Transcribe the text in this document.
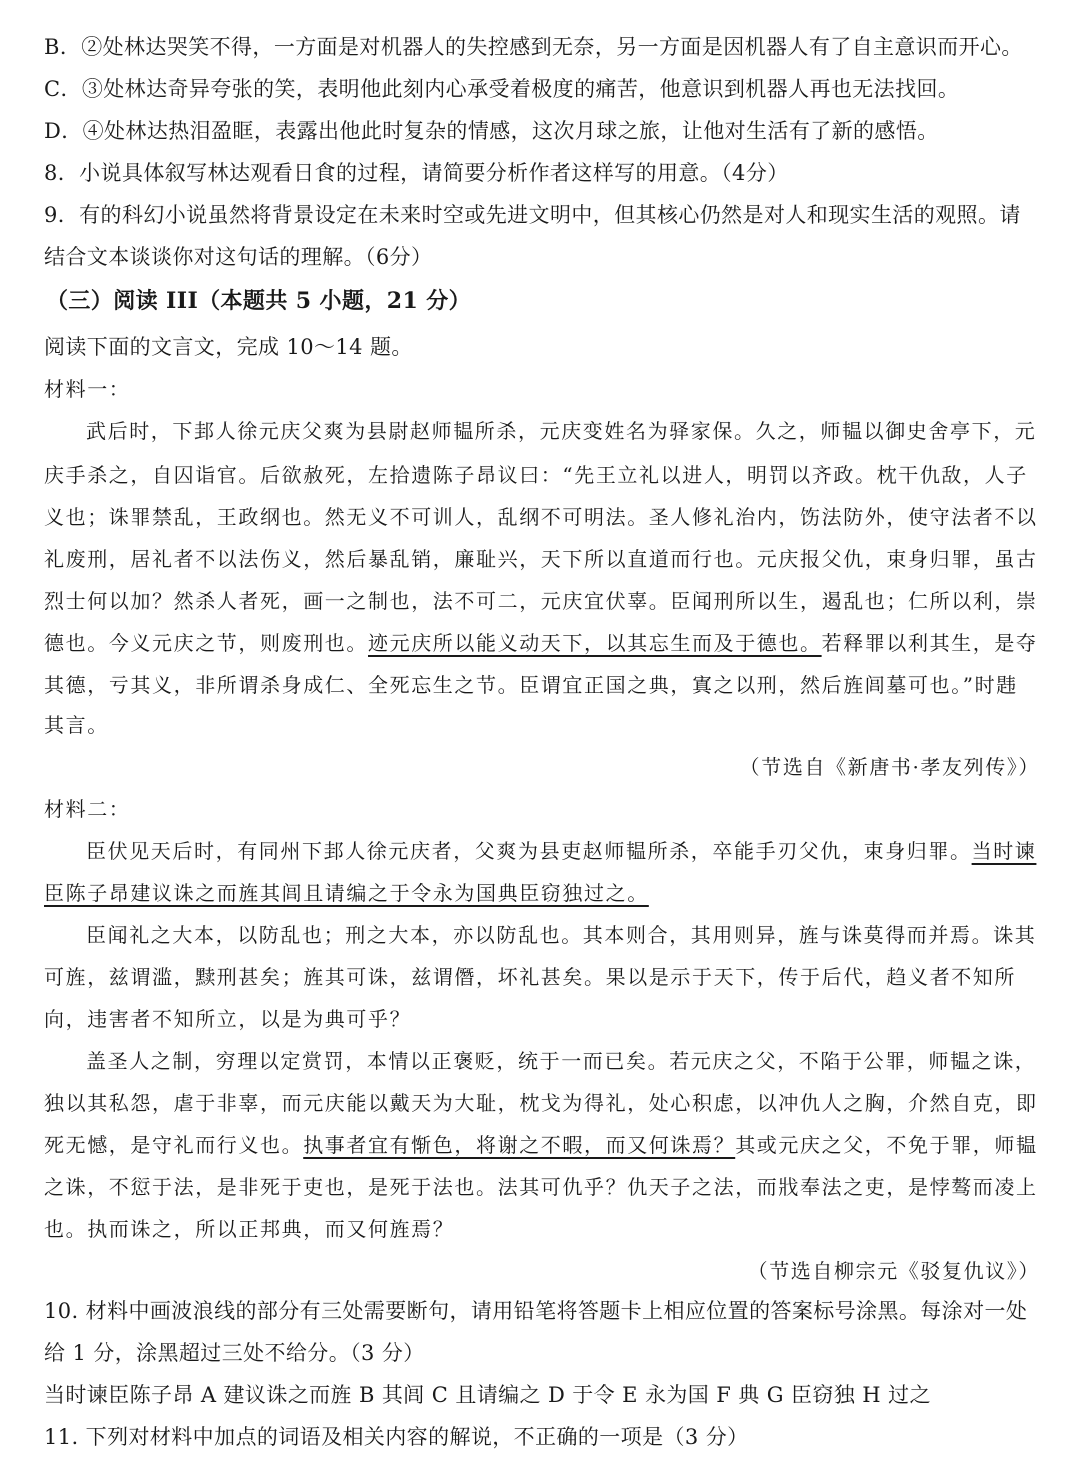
B．②处林达哭笑不得，一方面是对机器人的失控感到无奈，另一方面是因机器人有了自主意识而开心。
C．③处林达奇异夸张的笑，表明他此刻内心承受着极度的痛苦，他意识到机器人再也无法找回。
D．④处林达热泪盈眶，表露出他此时复杂的情感，这次月球之旅，让他对生活有了新的感悟。
8．小说具体叙写林达观看日食的过程，请简要分析作者这样写的用意。（4分）
9．有的科幻小说虽然将背景设定在未来时空或先进文明中，但其核心仍然是对人和现实生活的观照。请
结合文本谈谈你对这句话的理解。（6分）
（三）阅读 III（本题共 5 小题，21 分）
阅读下面的文言文，完成 10～14 题。
材料一：
武后时，下邽人徐元庆父爽为县尉赵师韫所杀，元庆变姓名为驿家保。久之，师韫以御史舍亭下，元
庆手杀之，自囚诣官。后欲赦死，左拾遗陈子昂议曰：“先王立礼以进人，明罚以齐政。枕干仇敌，人子
义也；诛罪禁乱，王政纲也。然无义不可训人，乱纲不可明法。圣人修礼治内，饬法防外，使守法者不以
礼废刑，居礼者不以法伤义，然后暴乱销，廉耻兴，天下所以直道而行也。元庆报父仇，束身归罪，虽古
烈士何以加？然杀人者死，画一之制也，法不可二，元庆宜伏辜。臣闻刑所以生，遏乱也；仁所以利，崇
德也。今义元庆之节，则废刑也。迹元庆所以能义动天下，以其忘生而及于德也。若释罪以利其生，是夺
其德，亏其义，非所谓杀身成仁、全死忘生之节。臣谓宜正国之典，寘之以刑，然后旌闾墓可也。”时韪
其言。
（节选自《新唐书·孝友列传》）
材料二：
臣伏见天后时，有同州下邽人徐元庆者，父爽为县吏赵师韫所杀，卒能手刃父仇，束身归罪。当时谏
臣陈子昂建议诛之而旌其闾且请编之于令永为国典臣窃独过之。
臣闻礼之大本，以防乱也；刑之大本，亦以防乱也。其本则合，其用则异，旌与诛莫得而并焉。诛其
可旌，兹谓滥，黩刑甚矣；旌其可诛，兹谓僭，坏礼甚矣。果以是示于天下，传于后代，趋义者不知所
向，违害者不知所立，以是为典可乎？
盖圣人之制，穷理以定赏罚，本情以正褒贬，统于一而已矣。若元庆之父，不陷于公罪，师韫之诛，
独以其私怨，虐于非辜，而元庆能以戴天为大耻，枕戈为得礼，处心积虑，以冲仇人之胸，介然自克，即
死无憾，是守礼而行义也。执事者宜有惭色，将谢之不暇，而又何诛焉？其或元庆之父，不免于罪，师韫
之诛，不愆于法，是非死于吏也，是死于法也。法其可仇乎？仇天子之法，而戕奉法之吏，是悖骜而凌上
也。执而诛之，所以正邦典，而又何旌焉？
（节选自柳宗元《驳复仇议》）
10. 材料中画波浪线的部分有三处需要断句，请用铅笔将答题卡上相应位置的答案标号涂黑。每涂对一处
给 1 分，涂黑超过三处不给分。（3 分）
当时谏臣陈子昂 A 建议诛之而旌 B 其闾 C 且请编之 D 于令 E 永为国 F 典 G 臣窃独 H 过之
11. 下列对材料中加点的词语及相关内容的解说，不正确的一项是（3 分）
